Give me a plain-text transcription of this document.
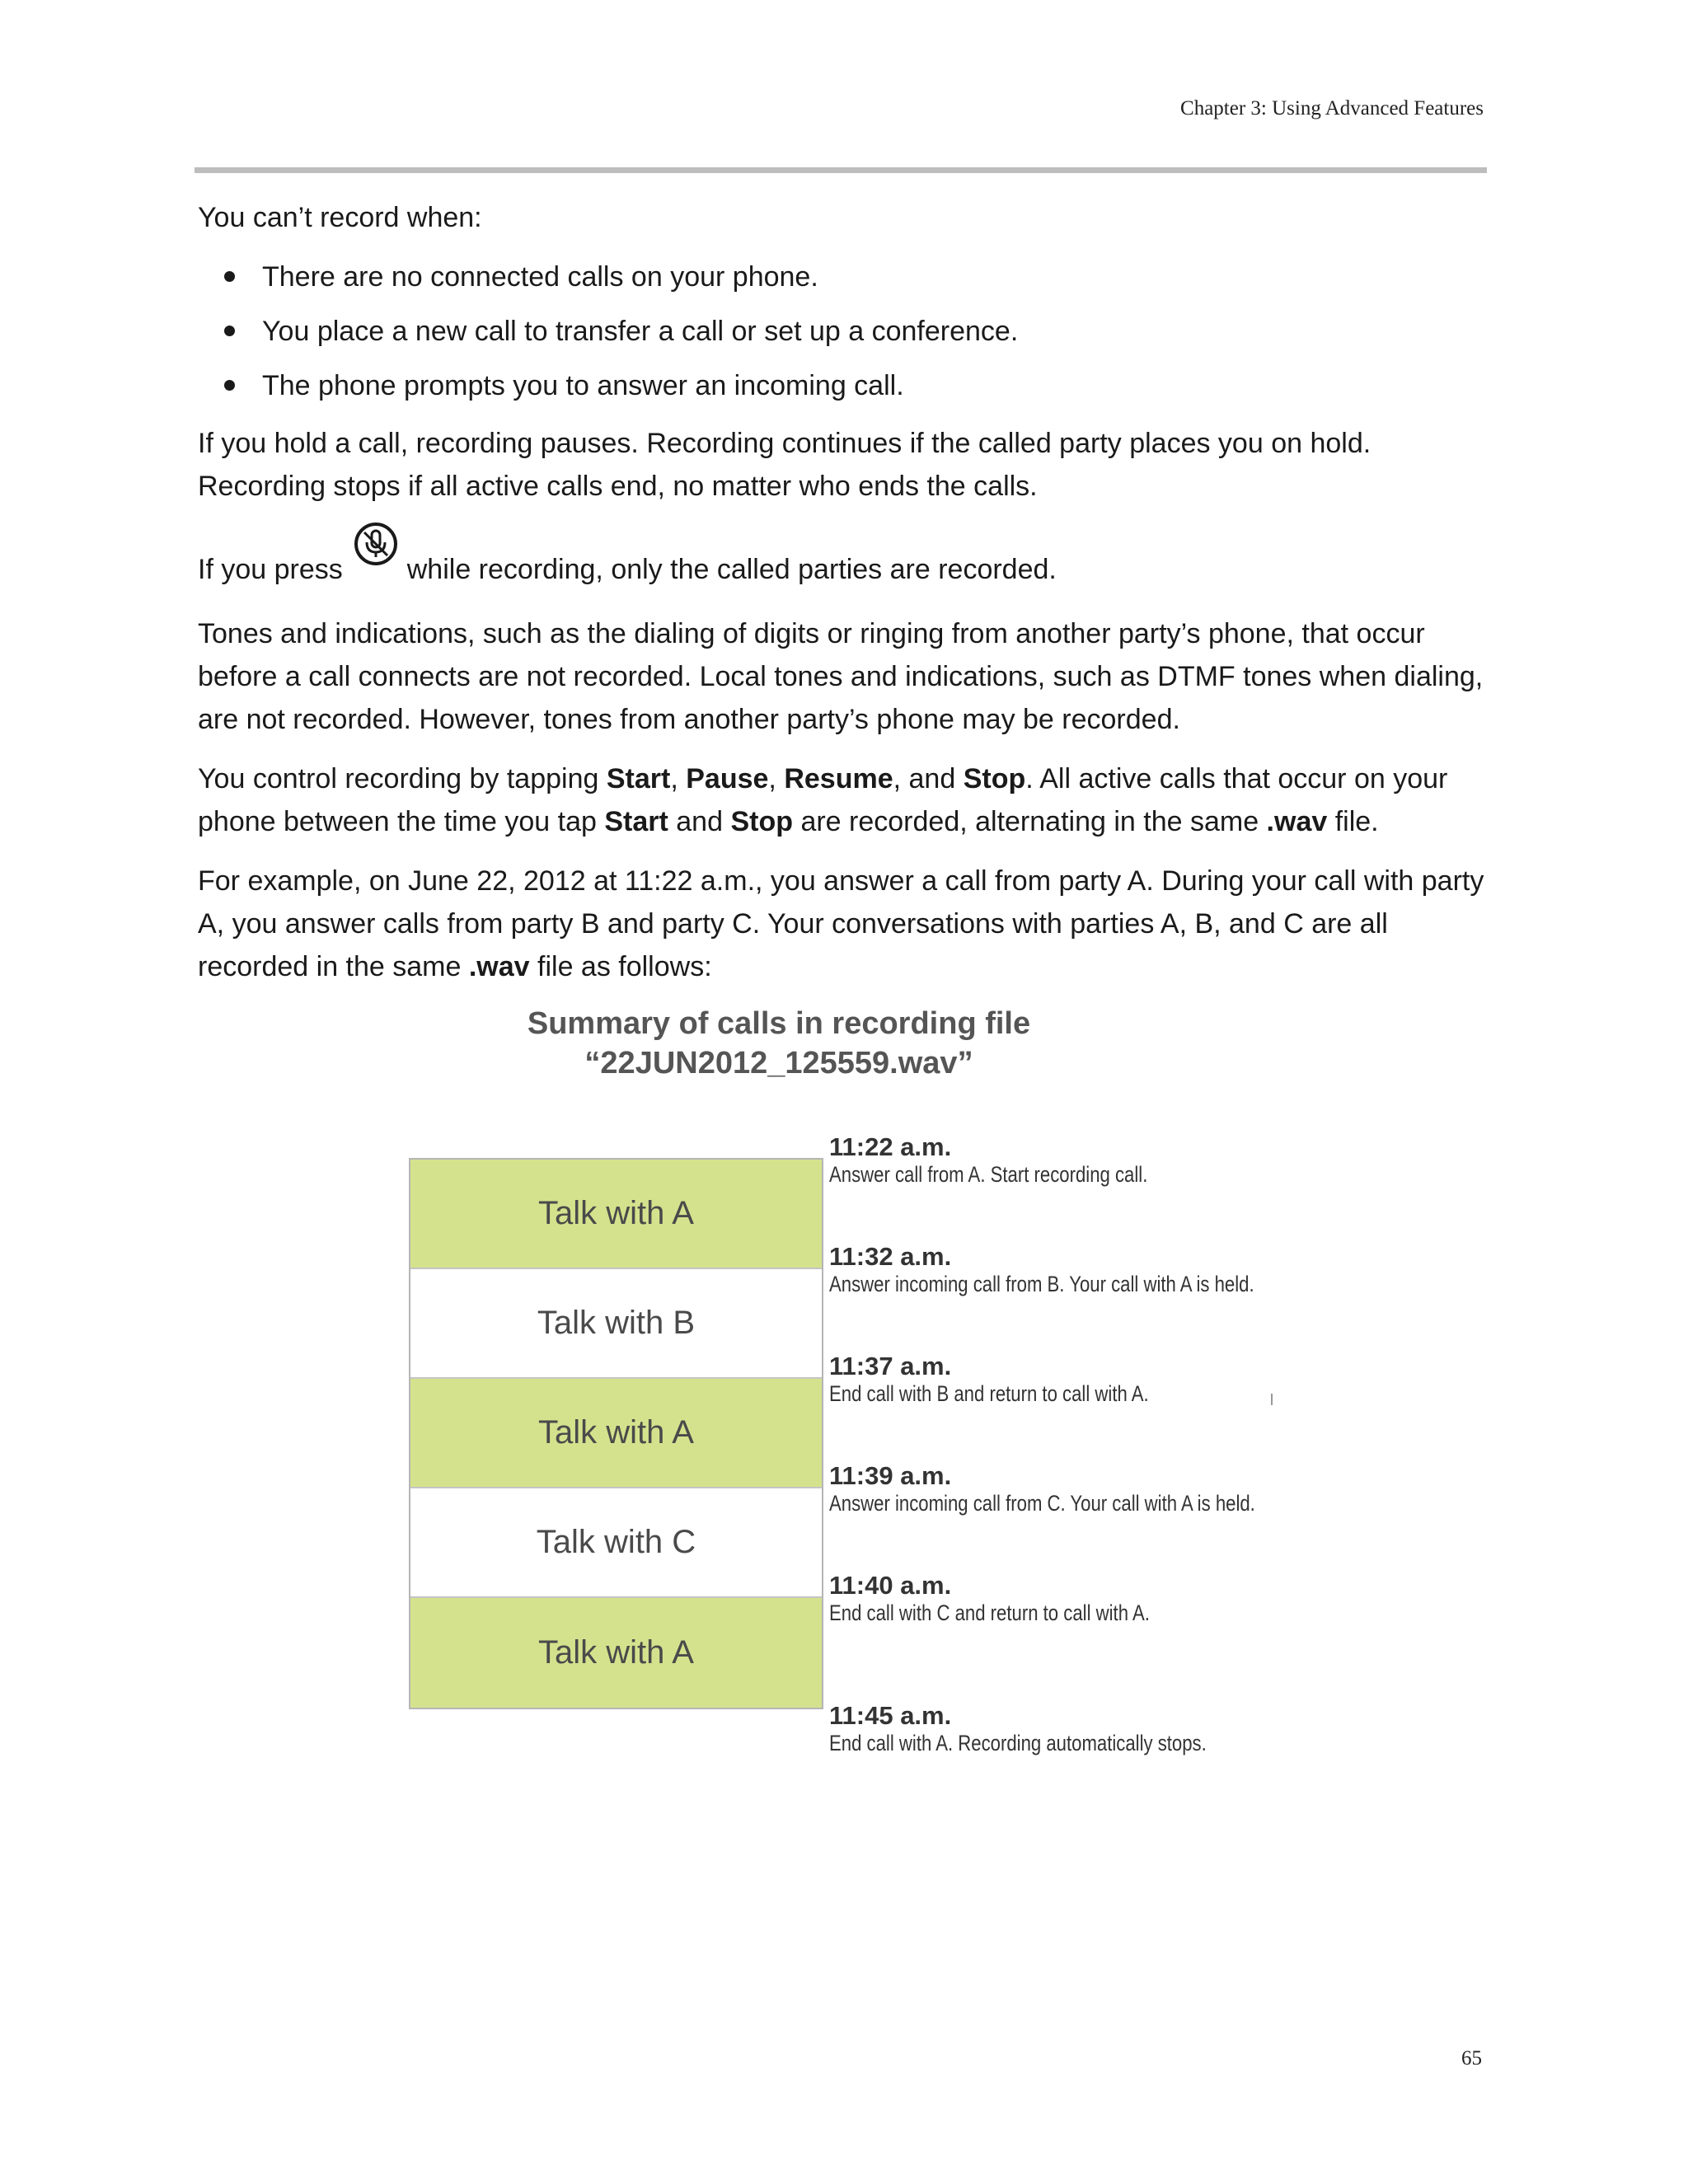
Chapter 3: Using Advanced Features

You can’t record when:

There are no connected calls on your phone.
You place a new call to transfer a call or set up a conference.
The phone prompts you to answer an incoming call.

If you hold a call, recording pauses. Recording continues if the called party places you on hold. Recording stops if all active calls end, no matter who ends the calls.

If you press while recording, only the called parties are recorded.

Tones and indications, such as the dialing of digits or ringing from another party’s phone, that occur before a call connects are not recorded. Local tones and indications, such as DTMF tones when dialing, are not recorded. However, tones from another party’s phone may be recorded.

You control recording by tapping Start, Pause, Resume, and Stop. All active calls that occur on your phone between the time you tap Start and Stop are recorded, alternating in the same .wav file.

For example, on June 22, 2012 at 11:22 a.m., you answer a call from party A. During your call with party A, you answer calls from party B and party C. Your conversations with parties A, B, and C are all recorded in the same .wav file as follows:

Summary of calls in recording file
“22JUN2012_125559.wav”
Talk with A
Talk with B
Talk with A
Talk with C
Talk with A
11:22 a.m.
Answer call from A. Start recording call.
11:32 a.m.
Answer incoming call from B. Your call with A is held.
11:37 a.m.
End call with B and return to call with A.
11:39 a.m.
Answer incoming call from C. Your call with A is held.
11:40 a.m.
End call with C and return to call with A.
11:45 a.m.
End call with A. Recording automatically stops.
65
